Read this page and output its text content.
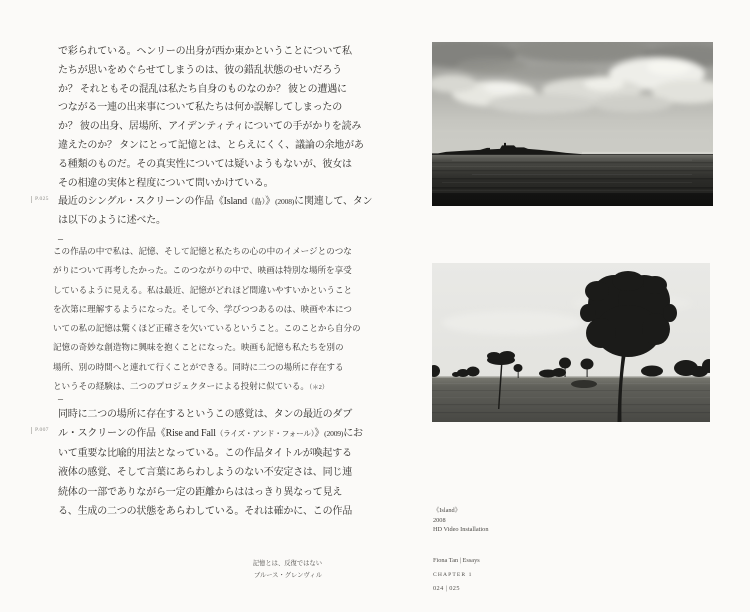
で彩られている。ヘンリーの出身が西か東かということについて私
たちが思いをめぐらせてしまうのは、彼の錯乱状態のせいだろう
か？ それともその混乱は私たち自身のものなのか？ 彼との遭遇に
つながる一連の出来事について私たちは何か誤解してしまったの
か？ 彼の出身、居場所、アイデンティティについての手がかりを読み
違えたのか？ タンにとって記憶とは、とらえにくく、議論の余地があ
る種類のものだ。その真実性については疑いようもないが、彼女は
その相違の実体と程度について問いかけている。
最近のシングル・スクリーンの作品《Island（島）》(2008)に関連して、タン
は以下のように述べた。
–
この作品の中で私は、記憶、そして記憶と私たちの心の中のイメージとのつな
がりについて再考したかった。このつながりの中で、映画は特別な場所を享受
しているように見える。私は最近、記憶がどれほど間違いやすいかということ
を次第に理解するようになった。そして今、学びつつあるのは、映画や本につ
いての私の記憶は驚くほど正確さを欠いているということ。このことから自分の
記憶の奇妙な創造物に興味を抱くことになった。映画も記憶も私たちを別の
場所、別の時間へと連れて行くことができる。同時に二つの場所に存在する
というその経験は、二つのプロジェクターによる投射に似ている。（＊2）
–
同時に二つの場所に存在するというこの感覚は、タンの最近のダブ
ル・スクリーンの作品《Rise and Fall（ライズ・アンド・フォール）》(2009)にお
いて重要な比喩的用法となっている。この作品タイトルが喚起する
液体の感覚、そして言葉にあらわしようのない不安定さは、同じ連
続体の一部でありながら一定の距離からははっきり異なって見え
る、生成の二つの状態をあらわしている。それは確かに、この作品
P.025
P.007
記憶とは、反復ではない
ブルース・グレンヴィル
《Island》
2008
HD Video Installation
Fiona Tan | Essays
CHAPTER 1
024 | 025
